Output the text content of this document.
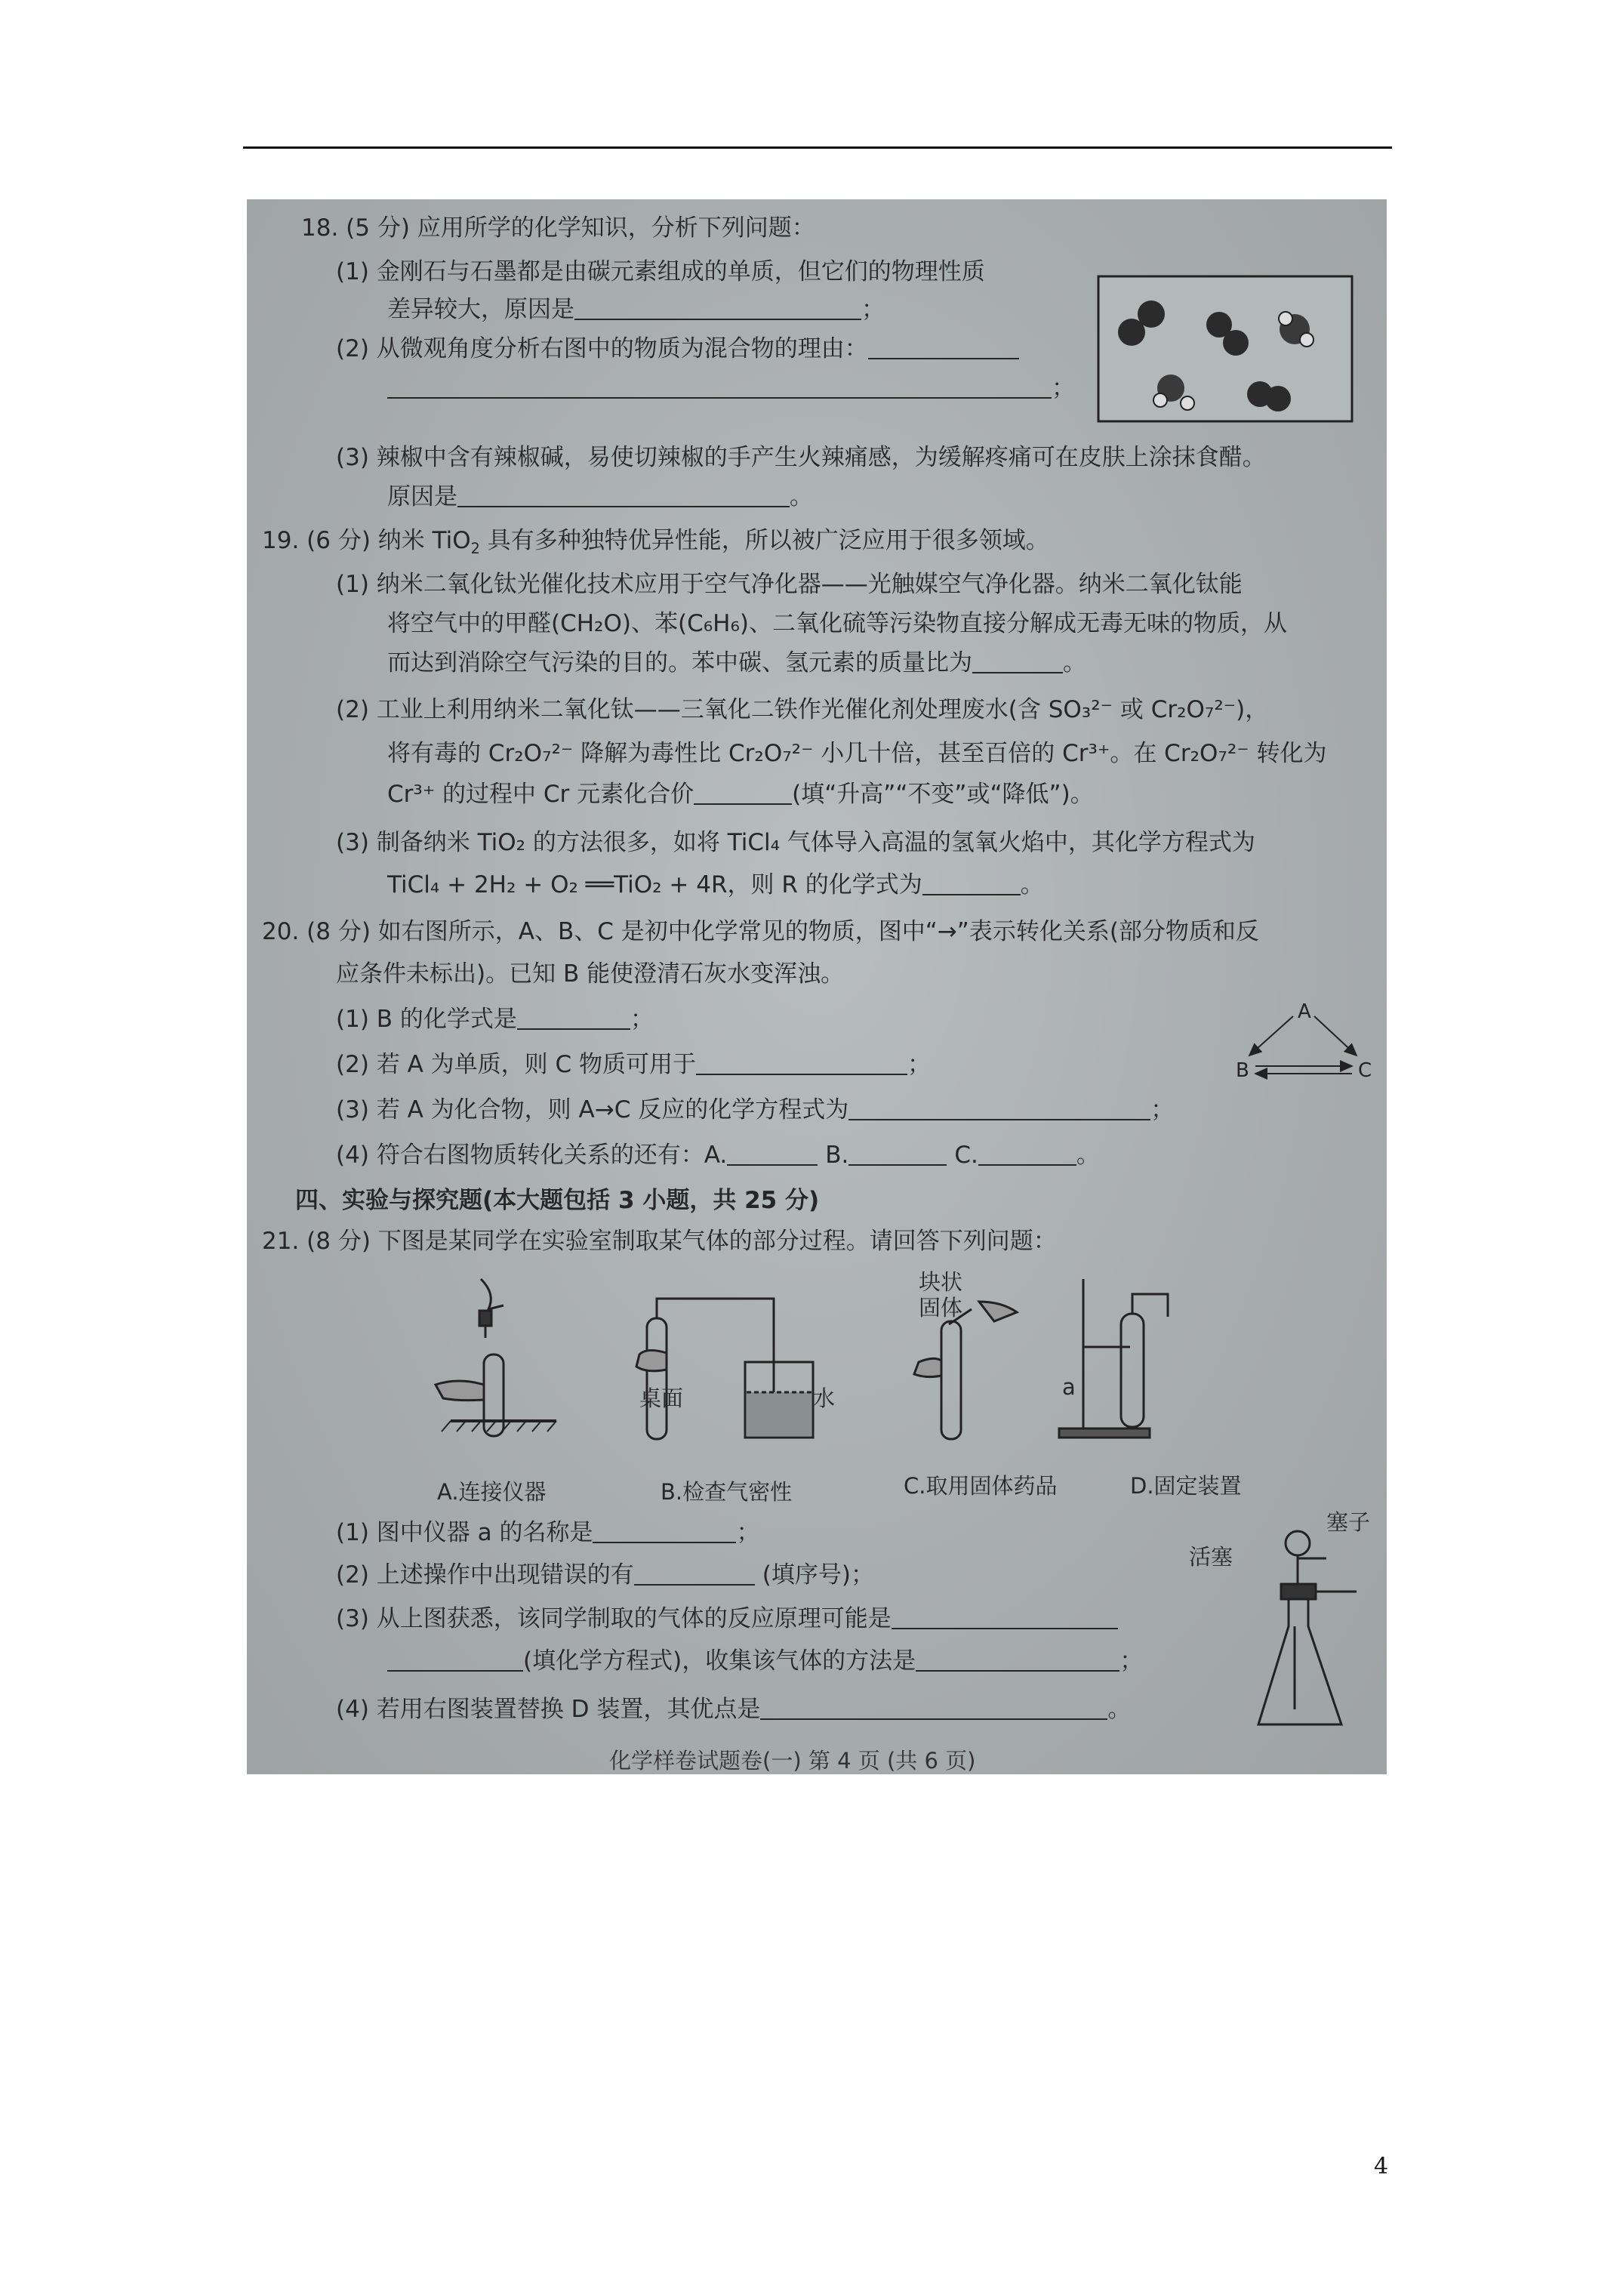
18. (5 分) 应用所学的化学知识，分析下列问题：
(1) 金刚石与石墨都是由碳元素组成的单质，但它们的物理性质
差异较大，原因是	；
(2) 从微观角度分析右图中的物质为混合物的理由：
；
(3) 辣椒中含有辣椒碱，易使切辣椒的手产生火辣痛感，为缓解疼痛可在皮肤上涂抹食醋。
原因是	。
19. (6 分) 纳米 TiO$_2$ 具有多种独特优异性能，所以被广泛应用于很多领域。
(1) 纳米二氧化钛光催化技术应用于空气净化器——光触媒空气净化器。纳米二氧化钛能
将空气中的甲醛(CH₂O)、苯(C₆H₆)、二氧化硫等污染物直接分解成无毒无味的物质，从
而达到消除空气污染的目的。苯中碳、氢元素的质量比为	。
(2) 工业上利用纳米二氧化钛——三氧化二铁作光催化剂处理废水(含 SO₃²⁻ 或 Cr₂O₇²⁻)，
将有毒的 Cr₂O₇²⁻ 降解为毒性比 Cr₂O₇²⁻ 小几十倍，甚至百倍的 Cr³⁺。在 Cr₂O₇²⁻ 转化为
Cr³⁺ 的过程中 Cr 元素化合价	(填“升高”“不变”或“降低”)。
(3) 制备纳米 TiO₂ 的方法很多，如将 TiCl₄ 气体导入高温的氢氧火焰中，其化学方程式为
TiCl₄ + 2H₂ + O₂ ══TiO₂ + 4R，则 R 的化学式为	。
20. (8 分) 如右图所示，A、B、C 是初中化学常见的物质，图中“→”表示转化关系(部分物质和反
应条件未标出)。已知 B 能使澄清石灰水变浑浊。
(1) B 的化学式是	；
(2) 若 A 为单质，则 C 物质可用于	；
(3) 若 A 为化合物，则 A→C 反应的化学方程式为	；
(4) 符合右图物质转化关系的还有：A.	B.	C.	。
A
B	C
四、实验与探究题(本大题包括 3 小题，共 25 分)
21. (8 分) 下图是某同学在实验室制取某气体的部分过程。请回答下列问题：
桌面	水
块状
固体
a
A.连接仪器	B.检查气密性	C.取用固体药品	D.固定装置
塞子
活塞
(1) 图中仪器 a 的名称是	；
(2) 上述操作中出现错误的有	(填序号)；
(3) 从上图获悉，该同学制取的气体的反应原理可能是
(填化学方程式)，收集该气体的方法是	；
(4) 若用右图装置替换 D 装置，其优点是	。
化学样卷试题卷(一) 第 4 页 (共 6 页)
4
